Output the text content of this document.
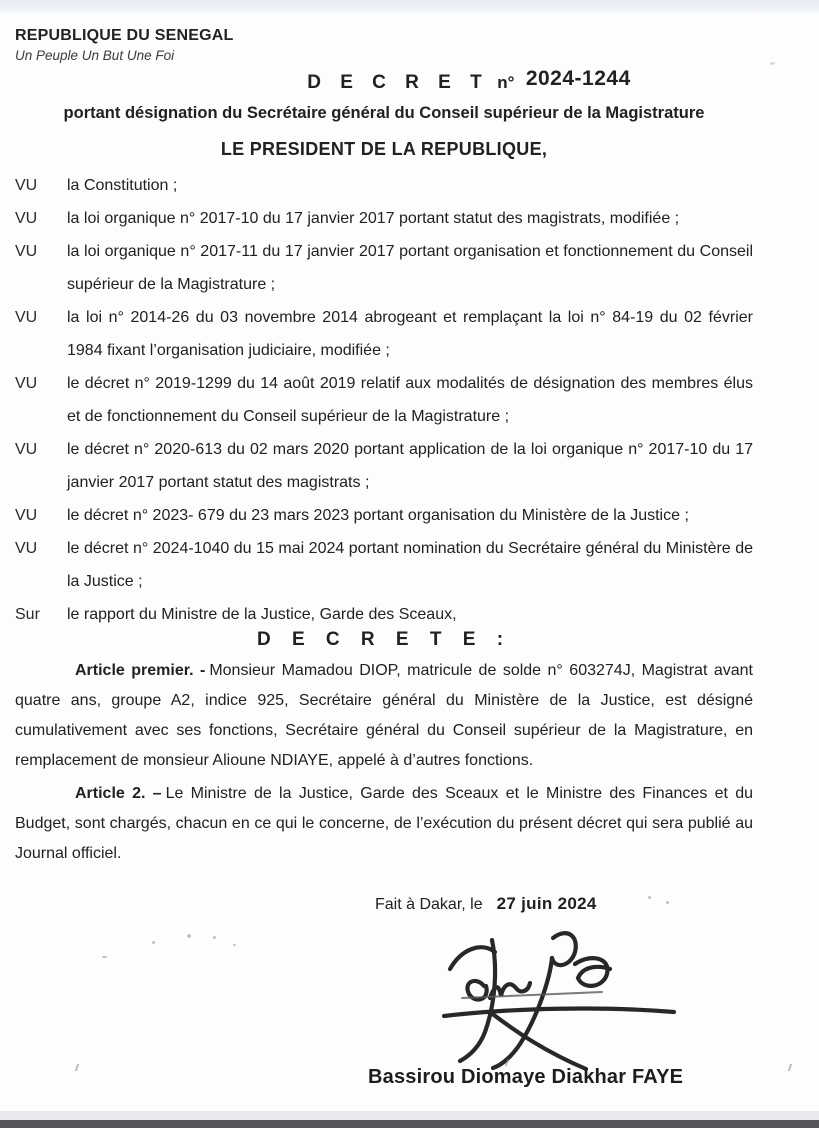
REPUBLIQUE DU SENEGAL
Un Peuple Un But Une Foi
D E C R E T n° 2024-1244
portant désignation du Secrétaire général du Conseil supérieur de la Magistrature
LE PRESIDENT DE LA REPUBLIQUE,
VU	la Constitution ;
VU	la loi organique n° 2017-10 du 17 janvier 2017 portant statut des magistrats, modifiée ;
VU	la loi organique n° 2017-11 du 17 janvier 2017 portant organisation et fonctionnement du Conseil supérieur de la Magistrature ;
VU	la loi n° 2014-26 du 03 novembre 2014 abrogeant et remplaçant la loi n° 84-19 du 02 février 1984 fixant l’organisation judiciaire, modifiée ;
VU	le décret n° 2019-1299 du 14 août 2019 relatif aux modalités de désignation des membres élus et de fonctionnement du Conseil supérieur de la Magistrature ;
VU	le décret n° 2020-613 du 02 mars 2020 portant application de la loi organique n° 2017-10 du 17 janvier 2017 portant statut des magistrats ;
VU	le décret n° 2023- 679 du 23 mars 2023 portant organisation du Ministère de la Justice ;
VU	le décret n° 2024-1040 du 15 mai 2024 portant nomination du Secrétaire général du Ministère de la Justice ;
Sur	le rapport du Ministre de la Justice, Garde des Sceaux,
D E C R E T E :

Article premier. - Monsieur Mamadou DIOP, matricule de solde n° 603274J, Magistrat avant quatre ans, groupe A2, indice 925, Secrétaire général du Ministère de la Justice, est désigné cumulativement avec ses fonctions, Secrétaire général du Conseil supérieur de la Magistrature, en remplacement de monsieur Alioune NDIAYE, appelé à d’autres fonctions.

Article 2. – Le Ministre de la Justice, Garde des Sceaux et le Ministre des Finances et du Budget, sont chargés, chacun en ce qui le concerne, de l’exécution du présent décret qui sera publié au Journal officiel.

Fait à Dakar, le 27 juin 2024
Bassirou Diomaye Diakhar FAYE
